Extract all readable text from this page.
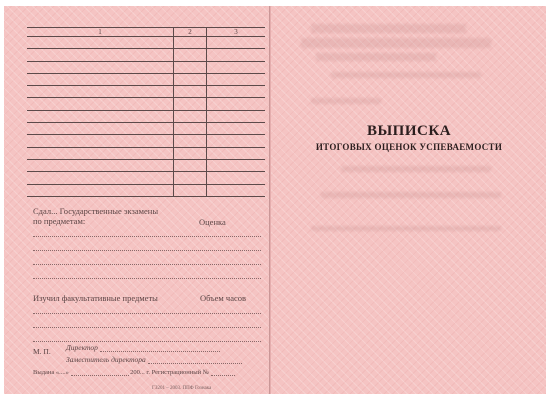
1	2	3
Сдал... Государственные экзамены
по предметам:	Оценка
Изучил факультативные предметы	Объем часов
М. П. Директор
Заместитель директора
Выдана «....»	200... г. Регистрационный №
ГЗ201 – 2003. ППФ Гознака
ВЫПИСКА
ИТОГОВЫХ ОЦЕНОК УСПЕВАЕМОСТИ
